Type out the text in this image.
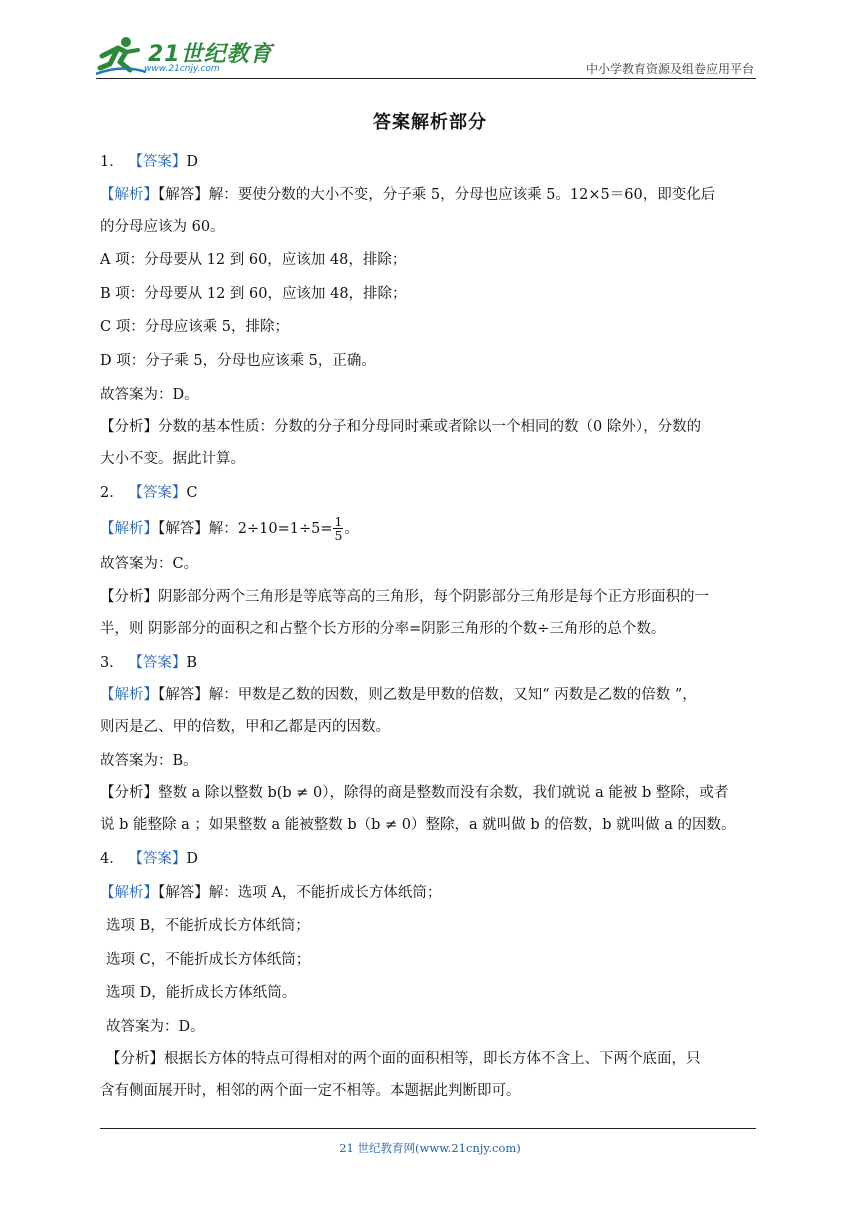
21世纪教育
www.21cnjy.com	中小学教育资源及组卷应用平台
答案解析部分
1． 【答案】D
【解析】【解答】解：要使分数的大小不变，分子乘 5，分母也应该乘 5。12×5＝60，即变化后
的分母应该为 60。
A 项：分母要从 12 到 60，应该加 48，排除；
B 项：分母要从 12 到 60，应该加 48，排除；
C 项：分母应该乘 5，排除；
D 项：分子乘 5，分母也应该乘 5，正确。
故答案为：D。
【分析】分数的基本性质：分数的分子和分母同时乘或者除以一个相同的数（0 除外），分数的
大小不变。据此计算。
2． 【答案】C
【解析】【解答】解：$2\div 10=1\div 5= \frac{1}{5}$ 。
故答案为：C。
【分析】阴影部分两个三角形是等底等高的三角形，每个阴影部分三角形是每个正方形面积的一
半，则 阴影部分的面积之和占整个长方形的分率=阴影三角形的个数÷三角形的总个数。
3． 【答案】B
【解析】【解答】解：甲数是乙数的因数，则乙数是甲数的倍数，又知“ 丙数是乙数的倍数 ”，
则丙是乙、甲的倍数，甲和乙都是丙的因数。
故答案为：B。
【分析】整数 a 除以整数 b(b ≠ 0），除得的商是整数而没有余数，我们就说 a 能被 b 整除，或者
说 b 能整除 a ；如果整数 a 能被整数 b（b ≠ 0）整除，a 就叫做 b 的倍数，b 就叫做 a 的因数。
4． 【答案】D
【解析】【解答】解：选项 A，不能折成长方体纸筒；
选项 B，不能折成长方体纸筒；
选项 C，不能折成长方体纸筒；
选项 D，能折成长方体纸筒。
故答案为：D。
【分析】根据长方体的特点可得相对的两个面的面积相等，即长方体不含上、下两个底面，只
含有侧面展开时，相邻的两个面一定不相等。本题据此判断即可。
21 世纪教育网(www.21cnjy.com)
